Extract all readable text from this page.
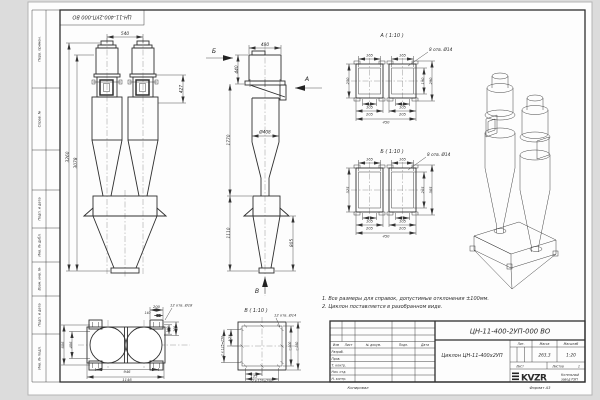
Перв. примен.
Справ. №
Подп. и дата
Инв. № дубл.
Взам. инв. №
Подп. и дата
Инв. № подл.
ЦН-11-400-2УП-000 ВО
540
427
3260
3078
Ø408
480
440
Б
А
1770
1110
805
В
А ( 1:10 )
165	165
250	190 290
105	105
205	205
450
8 отв. Ø14
Б ( 1:10 )
165	165
325	265 365
105	105
205	205
450
8 отв. Ø14
В ( 1:10 )
125
2 x 125=250
125
2 x 125=250
□300 □360
12 отв. Ø14
200
140
12 отв. Ø18
140 200
606 406
946
1146
1. Все размеры для справок, допустимые отклонения ±100мм.
2. Циклон поставляется в разобранном виде.
Изм	Лист	№ докум.	Подп.	Дата
Разраб.
Пров.
Т. контр.
Нач. отд.
Н. контр.
ЦН-11-400-2УП-000 ВО
Циклон ЦН-11-400х2УП
Лит.	Масса	Масштаб
263,3	1:20
Лист	Листов	1
KVZR	Котельный
завод РЭП
Копировал	Формат А3
